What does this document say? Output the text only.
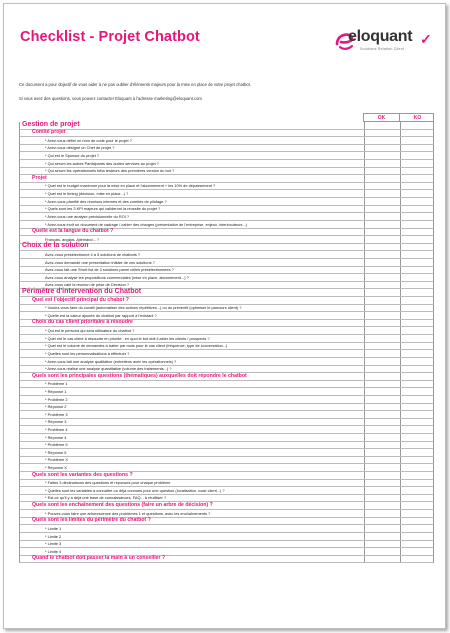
Checklist - Projet Chatbot	eloquant ✓
Solutions Relation Client
Ce document a pour objectif de vous aider à ne pas oublier d'éléments majeurs pour la mise en place de votre projet chatbot.
Si vous avez des questions, vous pouvez contacter Eloquant à l'adresse marketing@eloquant.com
OK	KO
Gestion de projet
Comité projet
* Avez-vous défini un nom de code pour le projet ?
* Avez-vous désigné un Chef de projet ?
* Qui est le Sponsor du projet ?
* Qui seront les autres Participants des autres services au projet ?
* Qui seront les opérationnels bêta testeurs des premières version du bot ?
Projet
* Quel est le budget maximum pour la mise en place et l'abonnement + les 10% de dépassement ?
* Quel est le timing (décision, mise en place...) ?
* Avez-vous planifié des réunions internes et des comités de pilotage ?
* Quels sont les 3 KPI majeurs qui valideront la réussite du projet ?
* Avez-vous une analyse prévisionnelle du ROI ?
* Avez-vous écrit un document de cadrage / cahier des charges (présentation de l'entreprise, enjeux, interlocuteurs...)
Quelle est la langue du chatbot ?
Français, anglais, Allemand... ?
Choix de la solution
Avez-vous présélectionné 4 à 5 solutions de chatbots ?
Avez-vous demandé une présentation initiale de ces solutions ?
Avez-vous fait une Short list de 3 solutions parmi celles présélectionnées ?
Avez-vous analysé les propositions commerciales (mise en place, abonnement...) ?
Avez-vous calé la réunion de prise de Décision ?
Périmètre d'intervention du Chatbot
Quel est l'objectif principal du chabot ?
* Voulez-vous faire du curatif (automatiser des actions répétitives...) ou du préventif (optimiser le parcours client) ?
* Quelle est la valeur ajoutée du chatbot par rapport à l'existant ?
Choix du cas client prioritaire à résoudre
* Qui est le persona qui sera utilisateur du chatbot ?
* Quel est le cas client à résoudre en priorité : en quoi le bot doit il aider les clients / prospects ?
* Quel est le volume de demandes à traiter par mois pour le cas client (fréquence, type de conversation...)
* Quelles sont les personnalisations à effectuer ?
* Avez-vous fait une analyse qualitative (entretiens avec les opérationnels) ?
* Avez-vous réalisé une analyse quantitative (volume des traitements...) ?
Quels sont les principales questions (thématiques) auxquelles doit répondre le chatbot
* Problème 1
* Réponse 1
* Problème 2
* Réponse 2
* Problème 3
* Réponse 3
* Problème 4
* Réponse 4
* Problème 5
* Réponse 5
* Problème X
* Réponse X
Quels sont les variantes des questions ?
* Faites 3 déclinaisons des questions et réponses pour chaque problème
* Quelles sont les variables à connaître ou déjà connues pour une question (localisation, code client...) ?
* Est-ce qu'il y a déjà une base de connaissances, FAQ... à réutiliser ?
Quels sont les enchaînement des questions (faire un arbre de décision) ?
* Pouvez-vous faire une arborescence des problèmes 1 et questions, avec les enchaînements ?
Quels sont les limites du périmètre du chatbot ?
* Limite 1
* Limite 2
* Limite 3
* Limite 4
Quand le chatbot doit passer la main à un conseiller ?
